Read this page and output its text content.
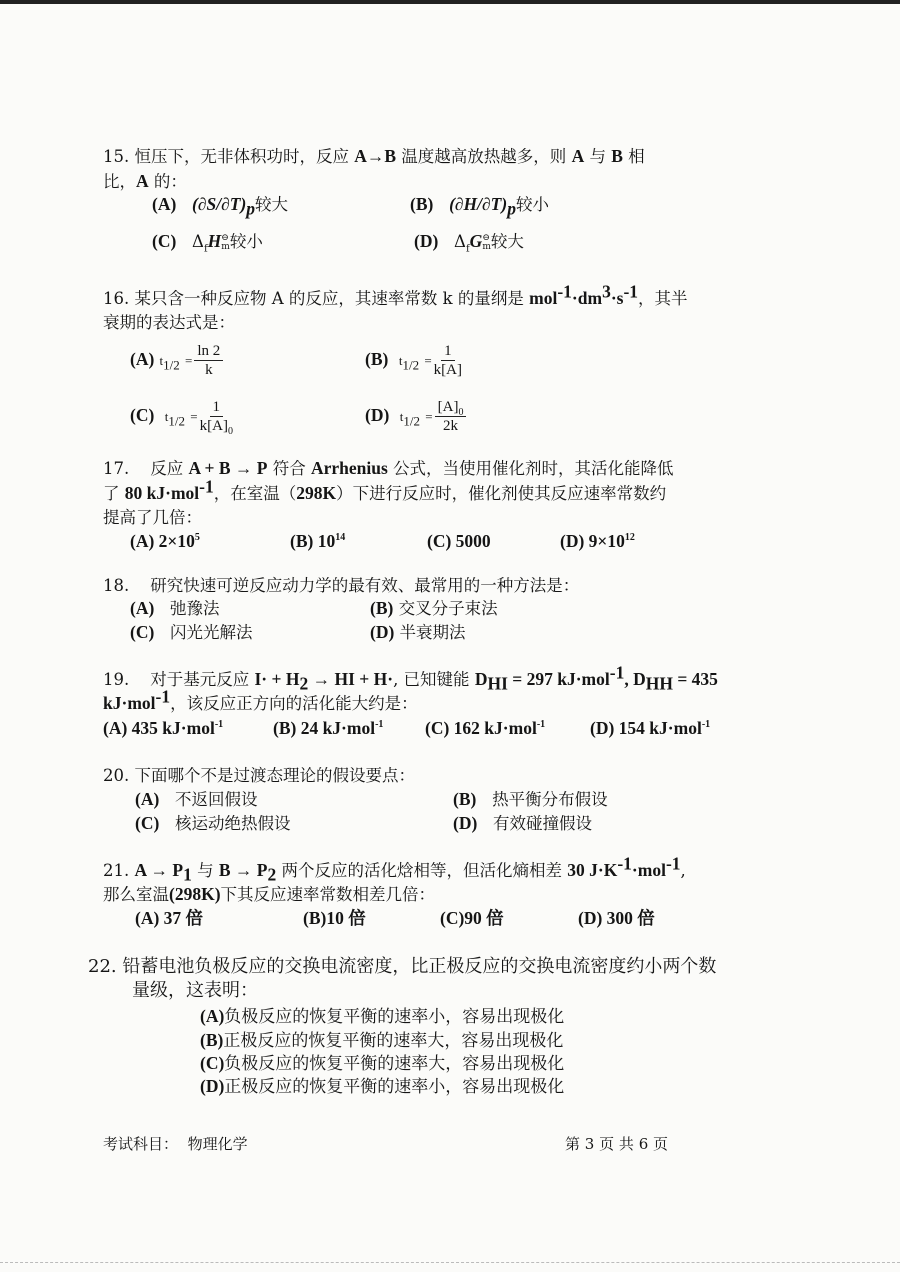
15. 恒压下，无非体积功时，反应 A→B 温度越高放热越多，则 A 与 B 相
比，A 的：
(A) $(\partial S/\partial T)_p$较大	(B) $(\partial H/\partial T)_p$较小
(C) $\Delta_fH$ ⊖
m 较小	(D) $\Delta_fG$ ⊖
m 较大
16. 某只含一种反应物 A 的反应，其速率常数 k 的量纲是 $mol^{-1}\cdot dm^3\cdot s^{-1}$，其半
衰期的表达式是：
(A) $t_{1/2} = \frac{\ln 2}{k}$	(B) $t_{1/2} = \frac{1}{k[A]}$
(C) $t_{1/2} = \frac{1}{k[A]_0}$	(D) $t_{1/2} = \frac{[A]_0}{2k}$
17. 反应 A + B → P 符合 Arrhenius 公式，当使用催化剂时，其活化能降低
了 80 kJ·mol$^{-1}$，在室温（298K）下进行反应时，催化剂使其反应速率常数约
提高了几倍：
(A) $2\times 10^5$	(B) $10^{14}$	(C) 5000	(D) $9\times 10^{12}$
18. 研究快速可逆反应动力学的最有效、最常用的一种方法是：
(A) 弛豫法	(B) 交叉分子束法
(C) 闪光光解法	(D) 半衰期法
19. 对于基元反应 $I\cdot + H_2$ → HI + H·, 已知键能 $D_{HI} = 297$ kJ·mol$^{-1}$, $D_{HH} = 435$
kJ·mol$^{-1}$，该反应正方向的活化能大约是：
(A) 435 kJ·mol$^{-1}$	(B) 24 kJ·mol$^{-1}$ (C) 162 kJ·mol$^{-1}$	(D) 154 kJ·mol$^{-1}$
20. 下面哪个不是过渡态理论的假设要点：
(A) 不返回假设	(B) 热平衡分布假设
(C) 核运动绝热假设	(D) 有效碰撞假设
21. $A \to P_1$ 与 $B \to P_2$ 两个反应的活化焓相等，但活化熵相差 30 $J\cdot K^{-1}\cdot mol^{-1}$,
那么室温(298K)下其反应速率常数相差几倍：
(A) 37 倍	(B)10 倍	(C)90 倍	(D) 300 倍
22. 铅蓄电池负极反应的交换电流密度，比正极反应的交换电流密度约小两个数
量级，这表明：
(A)负极反应的恢复平衡的速率小，容易出现极化
(B)正极反应的恢复平衡的速率大，容易出现极化
(C)负极反应的恢复平衡的速率大，容易出现极化
(D)正极反应的恢复平衡的速率小，容易出现极化
考试科目： 物理化学	第 3 页 共 6 页
